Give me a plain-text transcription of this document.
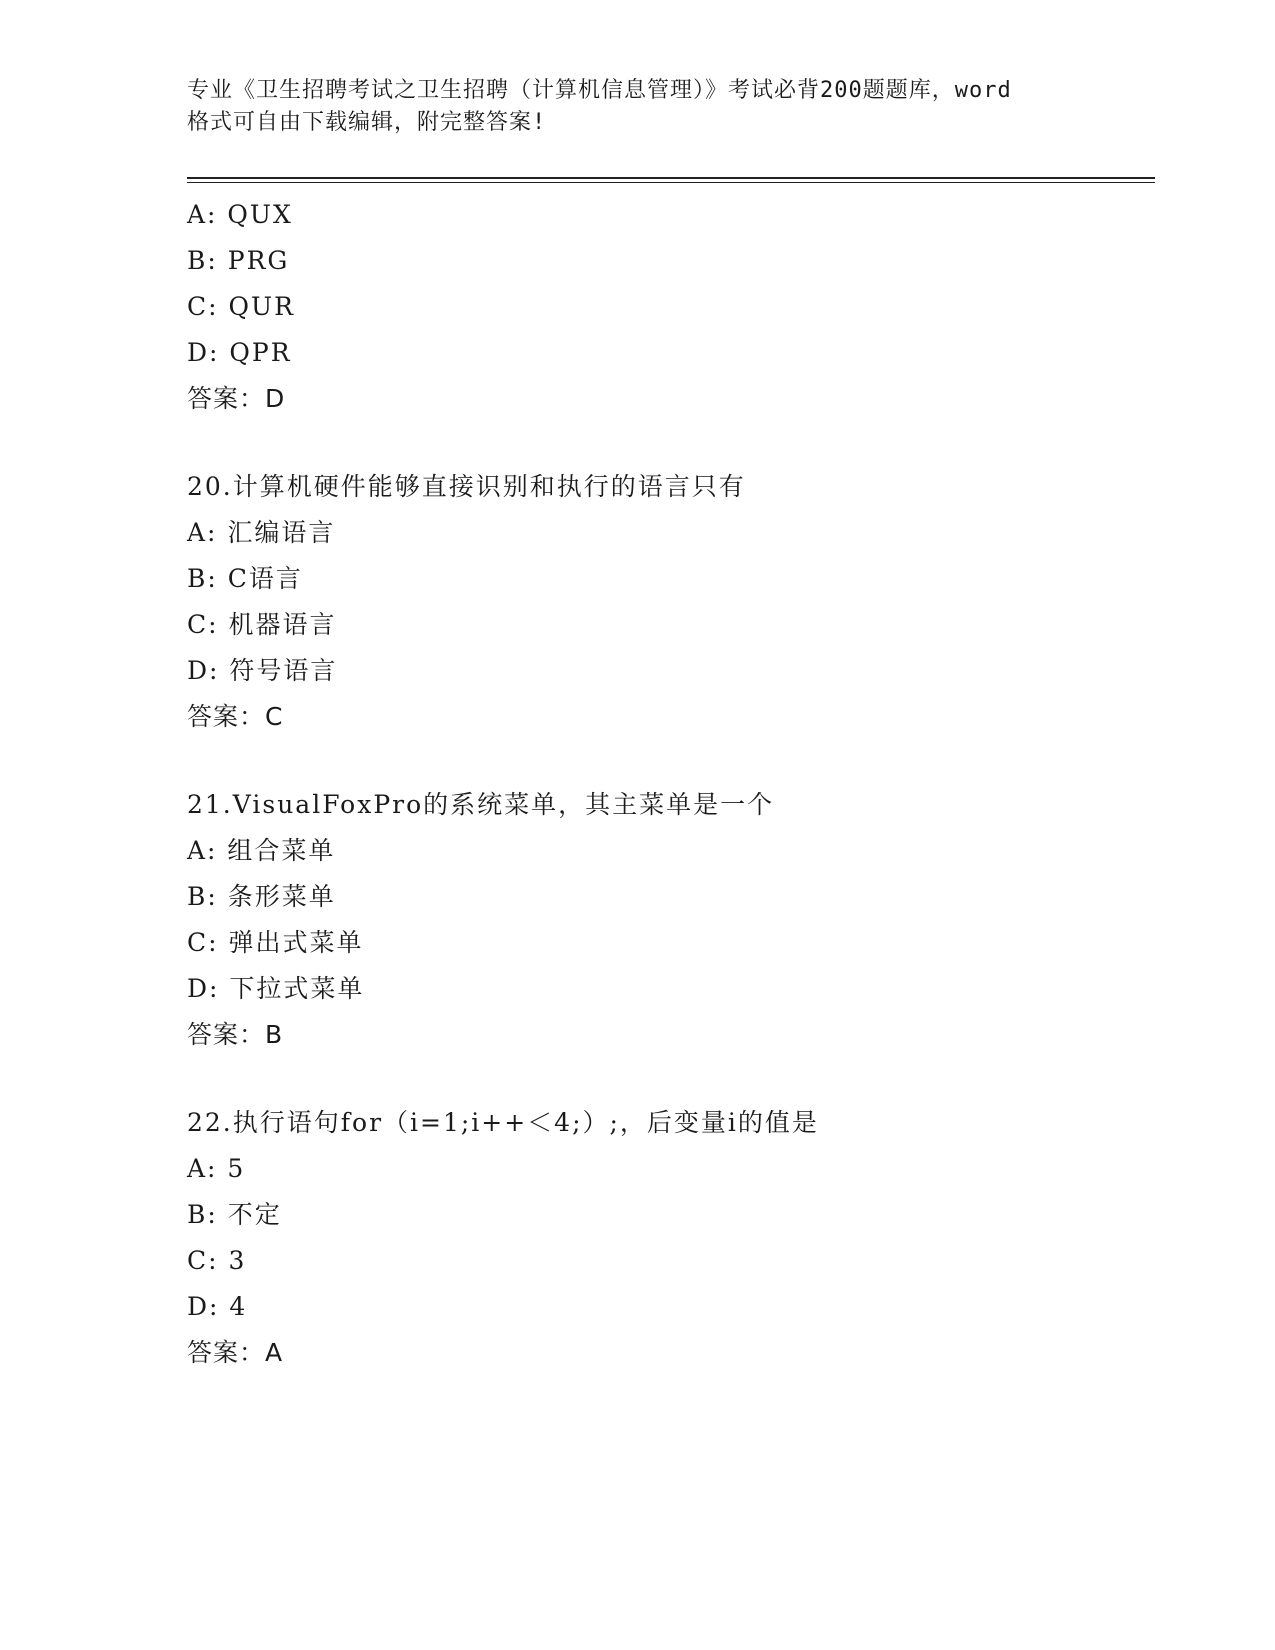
专业《卫生招聘考试之卫生招聘（计算机信息管理）》考试必背200题题库，word

格式可自由下载编辑，附完整答案!

A: QUX
B: PRG
C: QUR
D: QPR
答案：D
20.计算机硬件能够直接识别和执行的语言只有
A: 汇编语言
B: C语言
C: 机器语言
D: 符号语言
答案：C
21.VisualFoxPro的系统菜单，其主菜单是一个
A: 组合菜单
B: 条形菜单
C: 弹出式菜单
D: 下拉式菜单
答案：B
22.执行语句for（i=1;i++＜4;）;，后变量i的值是
A: 5
B: 不定
C: 3
D: 4
答案：A
